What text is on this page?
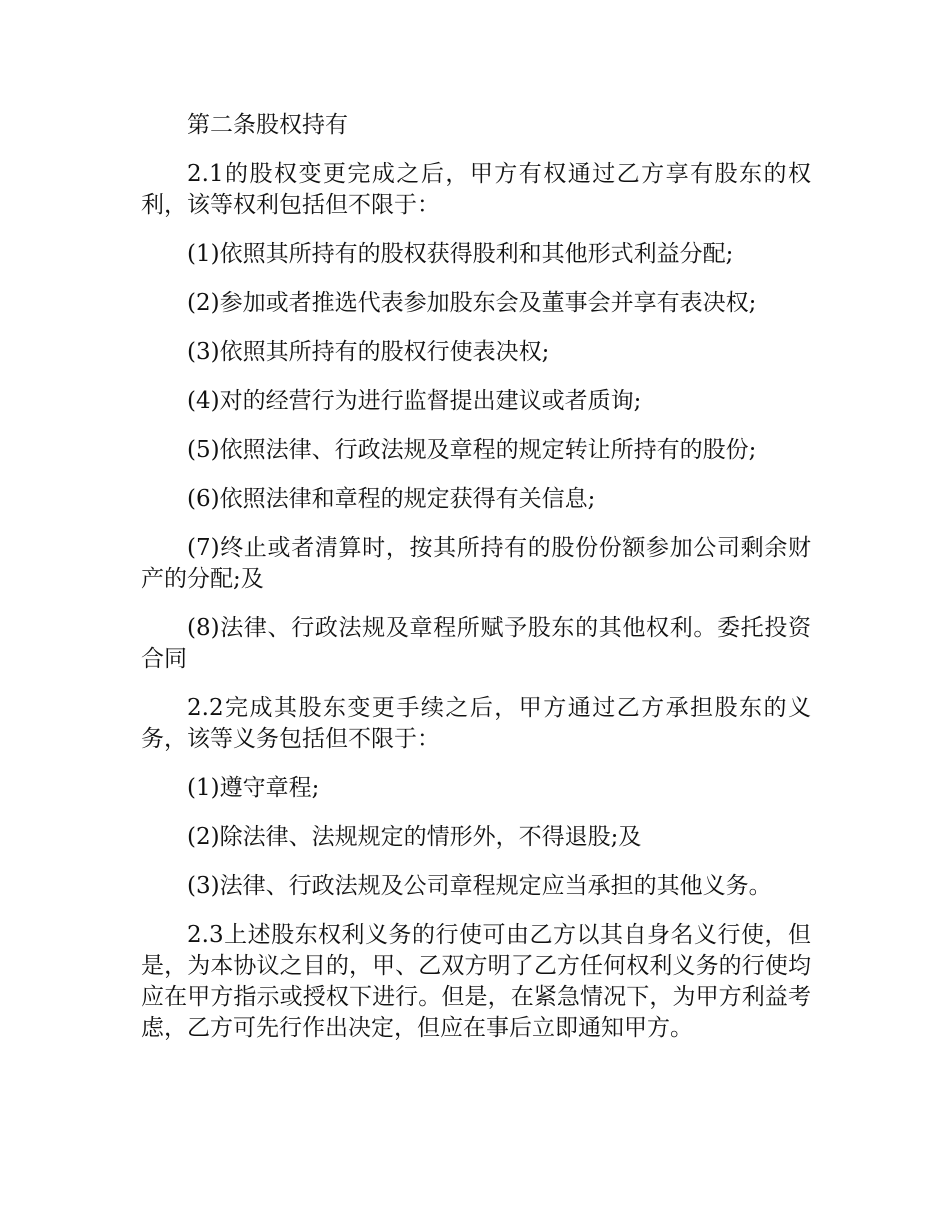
第二条股权持有

2.1的股权变更完成之后，甲方有权通过乙方享有股东的权利，该等权利包括但不限于：

(1)依照其所持有的股权获得股利和其他形式利益分配;

(2)参加或者推选代表参加股东会及董事会并享有表决权;

(3)依照其所持有的股权行使表决权;

(4)对的经营行为进行监督提出建议或者质询;

(5)依照法律、行政法规及章程的规定转让所持有的股份;

(6)依照法律和章程的规定获得有关信息;

(7)终止或者清算时，按其所持有的股份份额参加公司剩余财产的分配;及

(8)法律、行政法规及章程所赋予股东的其他权利。委托投资合同

2.2完成其股东变更手续之后，甲方通过乙方承担股东的义务，该等义务包括但不限于：

(1)遵守章程;

(2)除法律、法规规定的情形外，不得退股;及

(3)法律、行政法规及公司章程规定应当承担的其他义务。

2.3上述股东权利义务的行使可由乙方以其自身名义行使，但是，为本协议之目的，甲、乙双方明了乙方任何权利义务的行使均应在甲方指示或授权下进行。但是，在紧急情况下，为甲方利益考虑，乙方可先行作出决定，但应在事后立即通知甲方。
